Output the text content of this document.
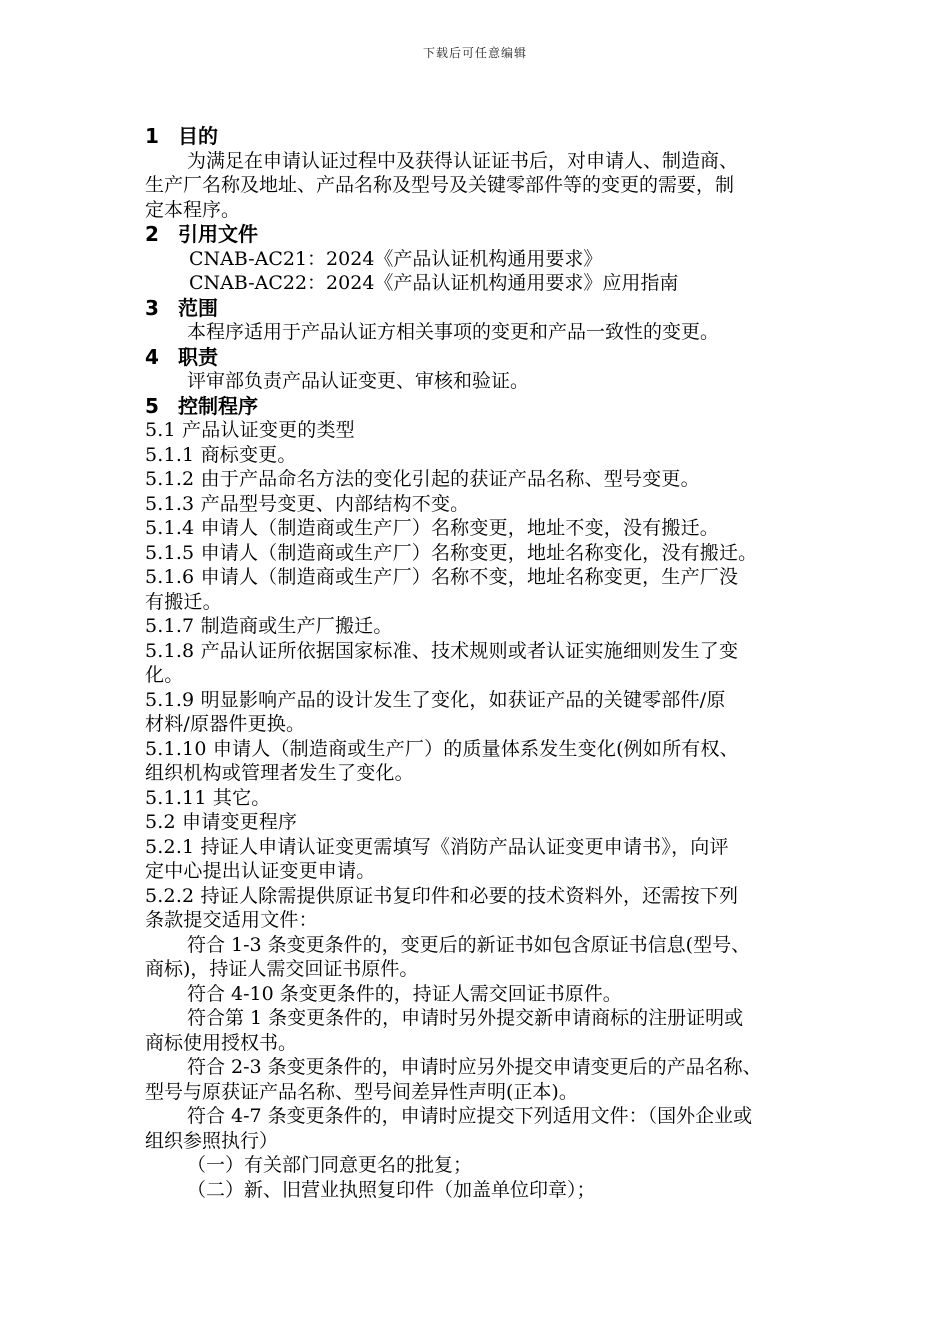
下载后可任意编辑
1 目的
为满足在申请认证过程中及获得认证证书后，对申请人、制造商、
生产厂名称及地址、产品名称及型号及关键零部件等的变更的需要，制
定本程序。
2 引用文件
CNAB-AC21：2024《产品认证机构通用要求》
CNAB-AC22：2024《产品认证机构通用要求》应用指南
3 范围
本程序适用于产品认证方相关事项的变更和产品一致性的变更。
4 职责
评审部负责产品认证变更、审核和验证。
5 控制程序
5.1 产品认证变更的类型
5.1.1 商标变更。
5.1.2 由于产品命名方法的变化引起的获证产品名称、型号变更。
5.1.3 产品型号变更、内部结构不变。
5.1.4 申请人（制造商或生产厂）名称变更，地址不变，没有搬迁。
5.1.5 申请人（制造商或生产厂）名称变更，地址名称变化，没有搬迁。
5.1.6 申请人（制造商或生产厂）名称不变，地址名称变更，生产厂没
有搬迁。
5.1.7 制造商或生产厂搬迁。
5.1.8 产品认证所依据国家标准、技术规则或者认证实施细则发生了变
化。
5.1.9 明显影响产品的设计发生了变化，如获证产品的关键零部件/原
材料/原器件更换。
5.1.10 申请人（制造商或生产厂）的质量体系发生变化(例如所有权、
组织机构或管理者发生了变化。
5.1.11 其它。
5.2 申请变更程序
5.2.1 持证人申请认证变更需填写《消防产品认证变更申请书》，向评
定中心提出认证变更申请。
5.2.2 持证人除需提供原证书复印件和必要的技术资料外，还需按下列
条款提交适用文件：
符合 1-3 条变更条件的，变更后的新证书如包含原证书信息(型号、
商标)，持证人需交回证书原件。
符合 4-10 条变更条件的，持证人需交回证书原件。
符合第 1 条变更条件的，申请时另外提交新申请商标的注册证明或
商标使用授权书。
符合 2-3 条变更条件的，申请时应另外提交申请变更后的产品名称、
型号与原获证产品名称、型号间差异性声明(正本)。
符合 4-7 条变更条件的，申请时应提交下列适用文件：（国外企业或
组织参照执行）
（一）有关部门同意更名的批复；
（二）新、旧营业执照复印件（加盖单位印章）；
